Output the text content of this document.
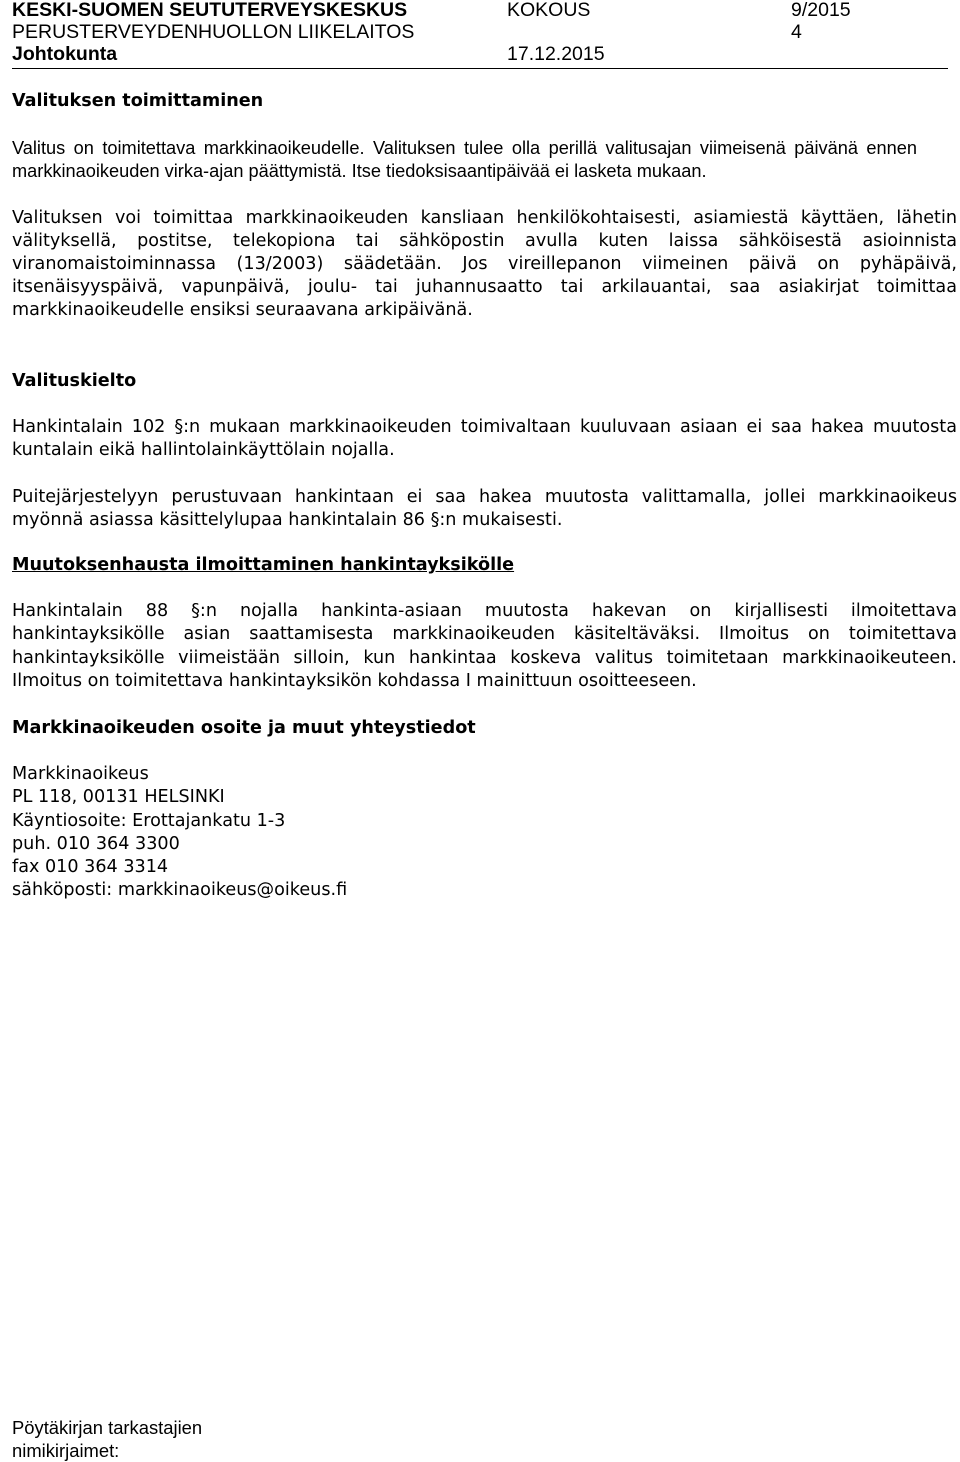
KESKI-SUOMEN SEUTUTERVEYSKESKUS	KOKOUS	9/2015
PERUSTERVEYDENHUOLLON LIIKELAITOS	4
Johtokunta	17.12.2015
Valituksen toimittaminen

Valitus on toimitettava markkinaoikeudelle. Valituksen tulee olla perillä valitusajan viimeisenä päivänä ennen markkinaoikeuden virka-ajan päättymistä. Itse tiedoksisaantipäivää ei lasketa mukaan.

Valituksen voi toimittaa markkinaoikeuden kansliaan henkilökohtaisesti, asiamiestä käyttäen, lähetin välityksellä, postitse, telekopiona tai sähköpostin avulla kuten laissa sähköisestä asioinnista viranomaistoiminnassa (13/2003) säädetään. Jos vireillepanon viimeinen päivä on pyhäpäivä, itsenäisyyspäivä, vapunpäivä, joulu- tai juhannusaatto tai arkilauantai, saa asiakirjat toimittaa markkinaoikeudelle ensiksi seuraavana arkipäivänä.

Valituskielto

Hankintalain 102 §:n mukaan markkinaoikeuden toimivaltaan kuuluvaan asiaan ei saa hakea muutosta kuntalain eikä hallintolainkäyttölain nojalla.

Puitejärjestelyyn perustuvaan hankintaan ei saa hakea muutosta valittamalla, jollei markkinaoikeus myönnä asiassa käsittelylupaa hankintalain 86 §:n mukaisesti.

Muutoksenhausta ilmoittaminen hankintayksikölle

Hankintalain 88 §:n nojalla hankinta-asiaan muutosta hakevan on kirjallisesti ilmoitettava hankintayksikölle asian saattamisesta markkinaoikeuden käsiteltäväksi. Ilmoitus on toimitettava hankintayksikölle viimeistään silloin, kun hankintaa koskeva valitus toimitetaan markkinaoikeuteen. Ilmoitus on toimitettava hankintayksikön kohdassa I mainittuun osoitteeseen.

Markkinaoikeuden osoite ja muut yhteystiedot
Markkinaoikeus
PL 118, 00131 HELSINKI
Käyntiosoite: Erottajankatu 1-3
puh. 010 364 3300
fax 010 364 3314
sähköposti: markkinaoikeus@oikeus.fi
Pöytäkirjan tarkastajien
nimikirjaimet:
